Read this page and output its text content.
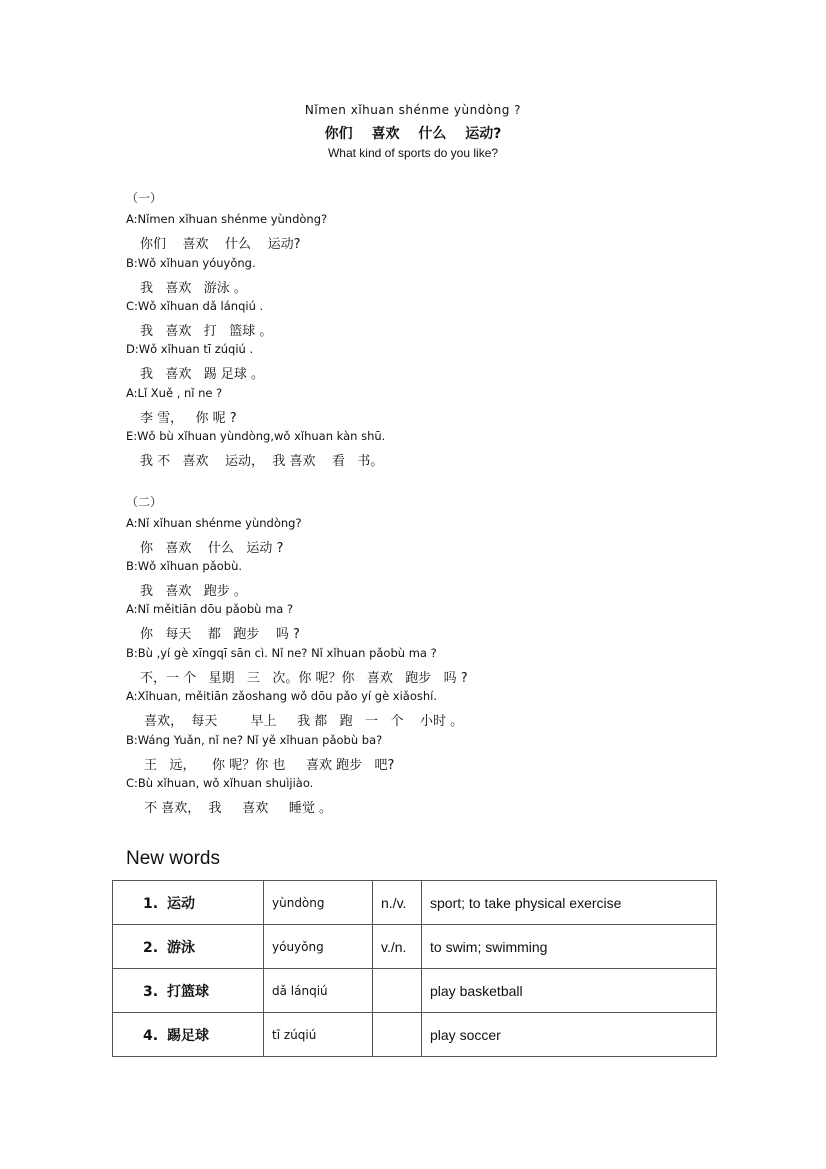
Nǐmen xǐhuan shénme yùndòng ?
你们 喜欢 什么 运动?
What kind of sports do you like?
（一）
A:Nǐmen xǐhuan shénme yùndòng?
你们    喜欢    什么    运动?
B:Wǒ xǐhuan yóuyǒng.
我   喜欢   游泳 。
C:Wǒ xǐhuan dǎ lánqiú .
我   喜欢   打   篮球 。
D:Wǒ xǐhuan tī zúqiú .
我   喜欢   踢 足球 。
A:Lǐ Xuě , nǐ ne ?
李 雪，   你 呢 ?
E:Wǒ bù xǐhuan yùndòng,wǒ xǐhuan kàn shū.
我 不   喜欢    运动，  我 喜欢    看   书。
（二）
A:Nǐ xǐhuan shénme yùndòng?
你   喜欢    什么   运动 ?
B:Wǒ xǐhuan pǎobù.
我   喜欢   跑步 。
A:Nǐ měitiān dōu pǎobù ma ?
你   每天    都   跑步    吗 ?
B:Bù ,yí gè xīngqī sān cì. Nǐ ne? Nǐ xǐhuan pǎobù ma ?
不，一 个   星期   三   次。你 呢？你   喜欢   跑步   吗 ?
A:Xǐhuan, měitiān zǎoshang wǒ dōu pǎo yí gè xiǎoshí.
喜欢，  每天        早上     我 都   跑   一   个    小时 。
B:Wáng Yuǎn, nǐ ne? Nǐ yě xǐhuan pǎobù ba?
王   远，    你 呢？你 也     喜欢 跑步   吧?
C:Bù xǐhuan, wǒ xǐhuan shuìjiào.
不 喜欢，  我     喜欢     睡觉 。
New words
1. 运动	yùndòng	n./v.	sport; to take physical exercise
2. 游泳	yóuyǒng	v./n.	to swim; swimming
3. 打篮球	dǎ lánqiú		play basketball
4. 踢足球	tī zúqiú		play soccer
